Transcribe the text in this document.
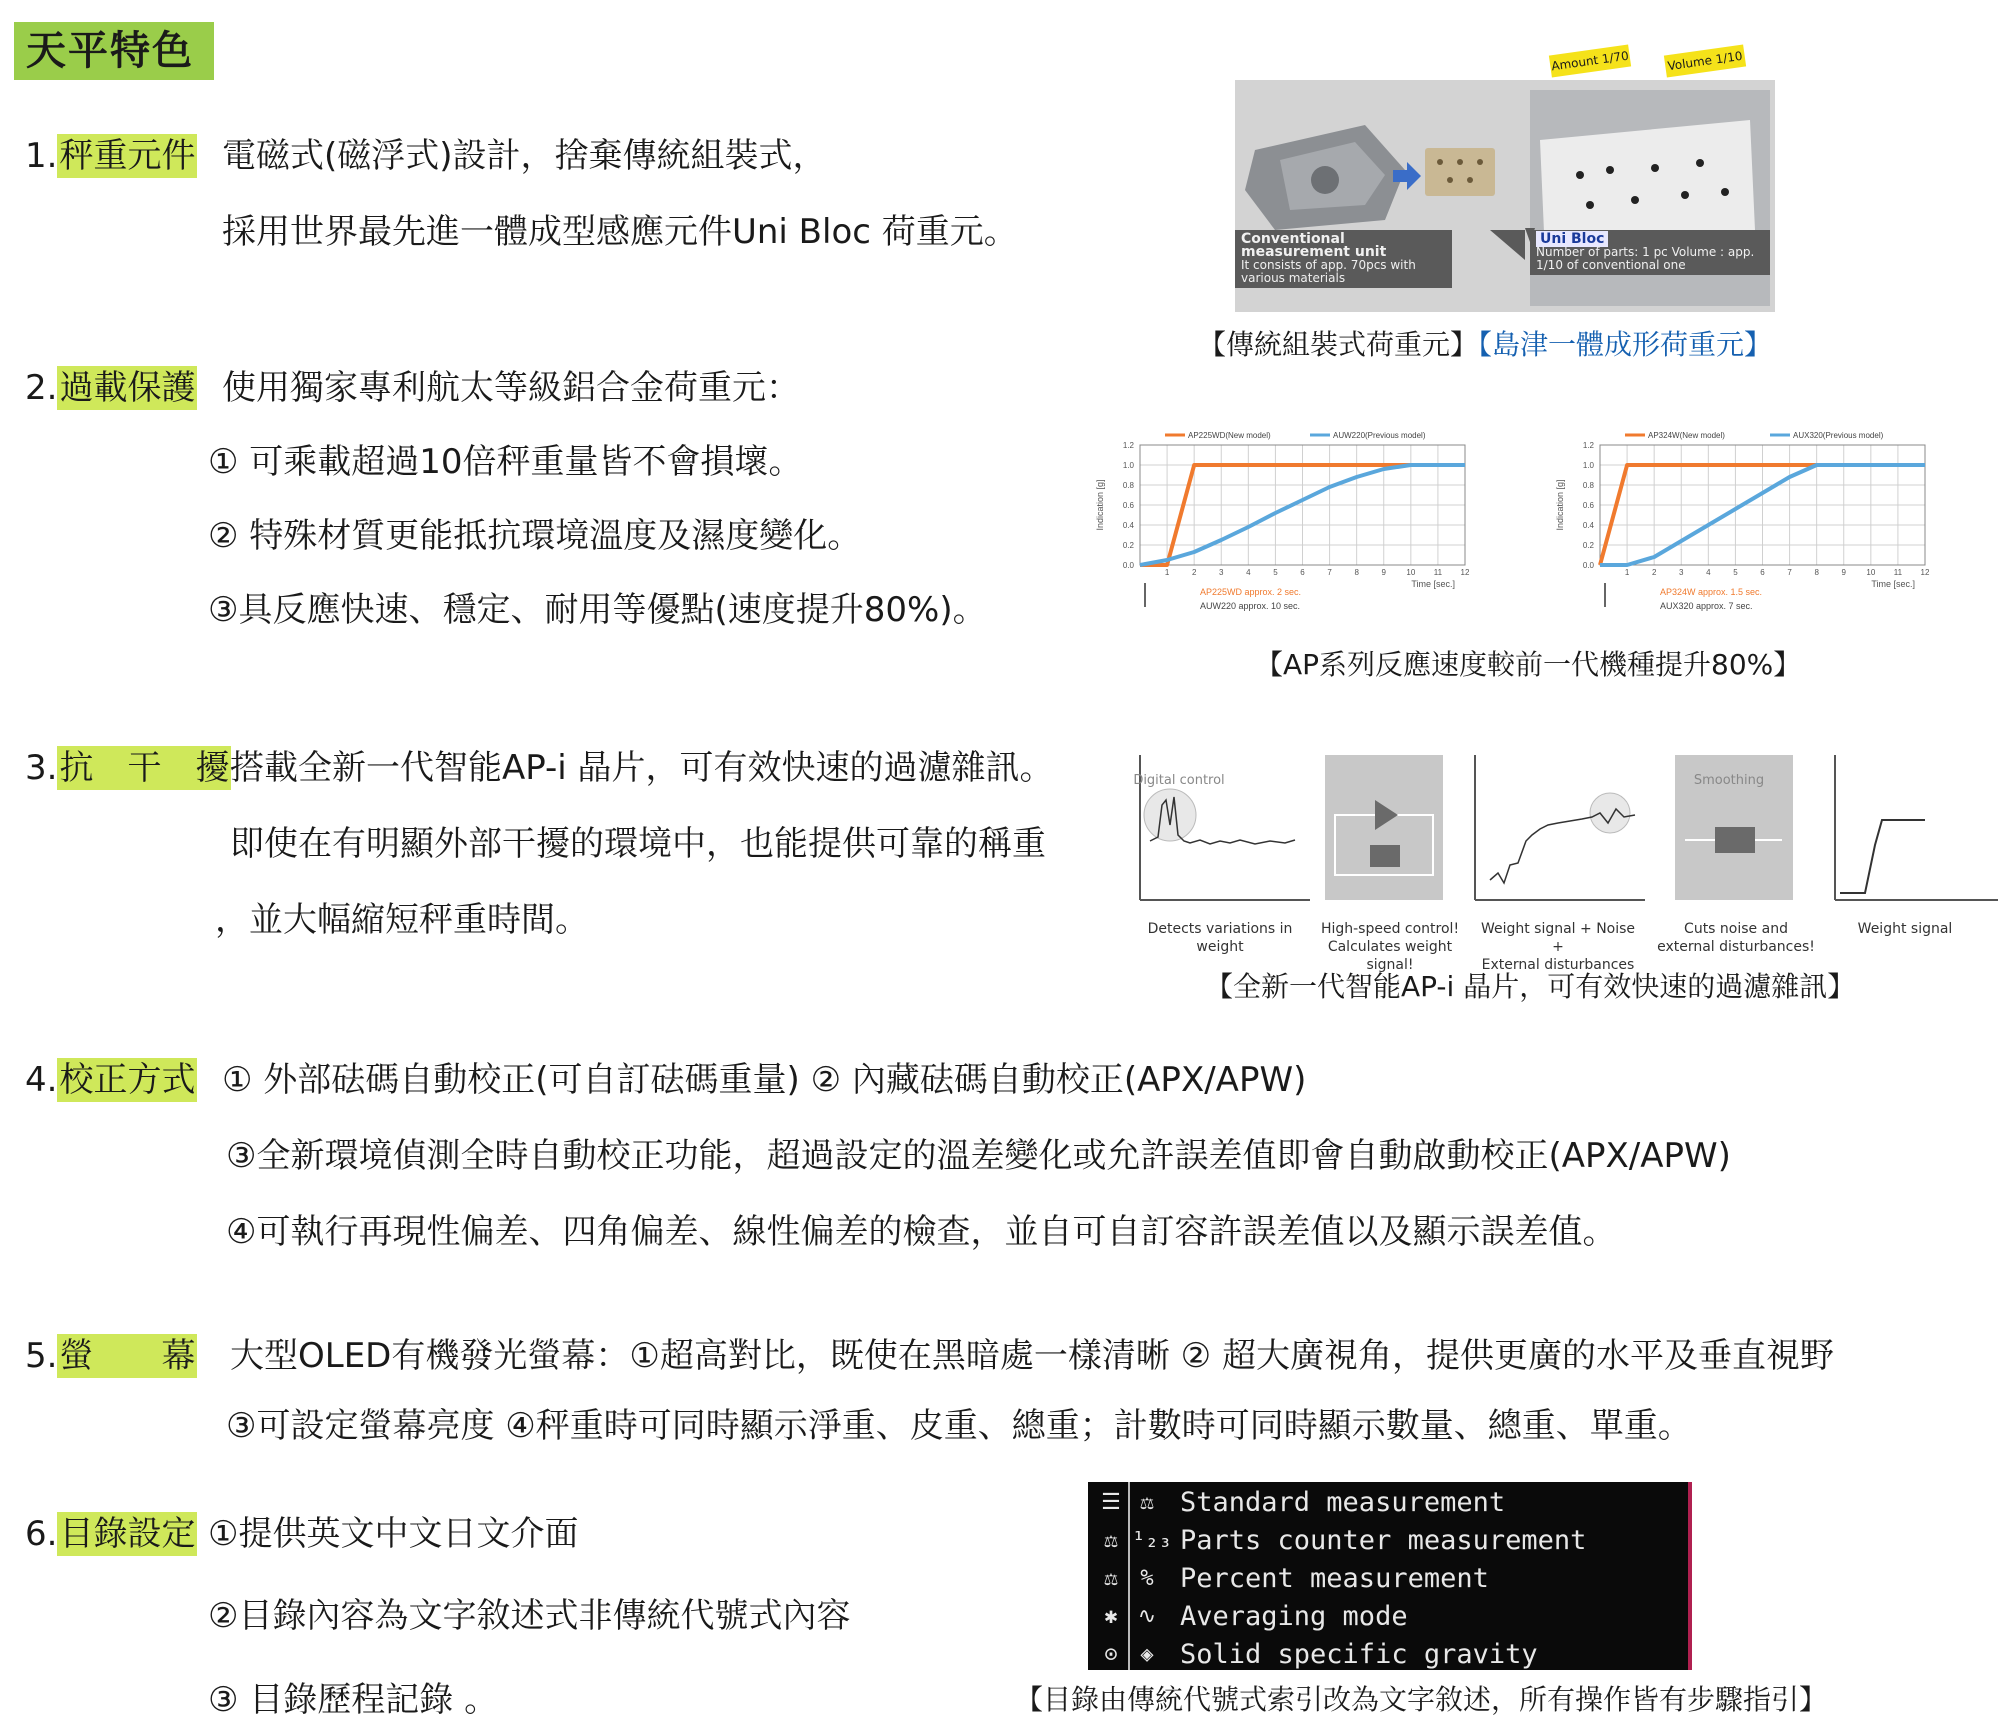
天平特色
1.秤重元件 電磁式(磁浮式)設計，捨棄傳統組裝式，
採用世界最先進一體成型感應元件Uni Bloc 荷重元。
2.過載保護 使用獨家專利航太等級鋁合金荷重元：
① 可乘載超過10倍秤重量皆不會損壞。
② 特殊材質更能抵抗環境溫度及濕度變化。
③具反應快速、穩定、耐用等優點(速度提升80%)。
3.抗　干　擾 搭載全新一代智能AP-i 晶片，可有效快速的過濾雜訊。
即使在有明顯外部干擾的環境中，也能提供可靠的稱重
，並大幅縮短秤重時間。
4.校正方式 ① 外部砝碼自動校正(可自訂砝碼重量) ② 內藏砝碼自動校正(APX/APW)
③全新環境偵測全時自動校正功能，超過設定的溫差變化或允許誤差值即會自動啟動校正(APX/APW)
④可執行再現性偏差、四角偏差、線性偏差的檢查，並自可自訂容許誤差值以及顯示誤差值。
5.螢　　幕 大型OLED有機發光螢幕：①超高對比，既使在黑暗處一樣清晰 ② 超大廣視角，提供更廣的水平及垂直視野
③可設定螢幕亮度 ④秤重時可同時顯示淨重、皮重、總重；計數時可同時顯示數量、總重、單重。
6.目錄設定 ①提供英文中文日文介面
②目錄內容為文字敘述式非傳統代號式內容
③ 目錄歷程記錄 。
Amount 1/70	Volume 1/10
Conventional measurement unit
It consists of app. 70pcs with various materials
Uni Bloc
Number of parts: 1 pc Volume : app. 1/10 of conventional one
【傳統組裝式荷重元】【島津一體成形荷重元】
0.0
0.2
0.4
0.6
0.8
1.0
1.2
1	2	3	4	5	6	7	8	9	10 11 12
Indication [g]
Time [sec.]
AP225WD(New model)	AUW220(Previous model)
AP225WD approx. 2 sec.
AUW220 approx. 10 sec.
0.0
0.2
0.4
0.6
0.8
1.0
1.2
1	2	3	4	5	6	7	8	9	10 11 12
Indication [g]
Time [sec.]
AP324W(New model)	AUX320(Previous model)
AP324W approx. 1.5 sec.
AUX320 approx. 7 sec.
【AP系列反應速度較前一代機種提升80%】
Digital control	Smoothing
Detects variations in weight
High-speed control!
Calculates weight signal!
Weight signal + Noise +
External disturbances
Cuts noise and
external disturbances!
Weight signal
【全新一代智能AP-i 晶片，可有效快速的過濾雜訊】
☰ ⚖ Standard measurement
⚖ ¹₂₃ Parts counter measurement
⚖	% Percent measurement
✱ ∿ Averaging mode
⊙	◈ Solid specific gravity
【目錄由傳統代號式索引改為文字敘述，所有操作皆有步驟指引】
